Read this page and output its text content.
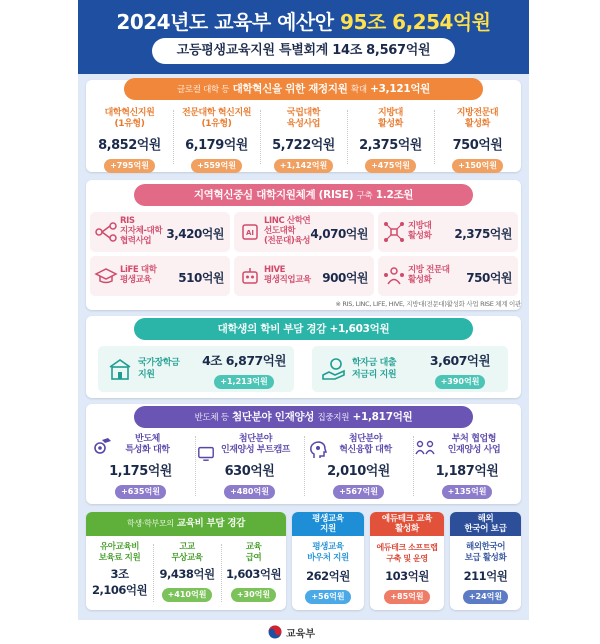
2024년도 교육부 예산안 95조 6,254억원
고등평생교육지원 특별회계 14조 8,567억원
글로컬 대학 등 대학혁신을 위한 재정지원 확대 +3,121억원
대학혁신지원
(1유형)
8,852억원
+795억원
전문대학 혁신지원
(1유형)
6,179억원
+559억원
국립대학
육성사업
5,722억원
+1,142억원
지방대
활성화
2,375억원
+475억원
지방전문대
활성화
750억원
+150억원
지역혁신중심 대학지원체계 (RISE) 구축 1.2조원
RIS
지자체-대학
협력사업	3,420억원	AI
LINC 산학연
선도대학
(전문대)육성 4,070억원
지방대
활성화 2,375억원
LiFE 대학
평생교육	510억원
HIVE
평생직업교육 900억원
지방 전문대
활성화	750억원
※ RIS, LINC, LIFE, HIVE, 지방대(전문대)활성화 사업 RISE 체계 이관
대학생의 학비 부담 경감 +1,603억원
국가장학금
지원
4조 6,877억원
+1,213억원
학자금 대출
저금리 지원
3,607억원
+390억원
반도체 등 첨단분야 인재양성 집중지원 +1,817억원
반도체
특성화 대학
1,175억원
+635억원
첨단분야
인재양성 부트캠프
630억원
+480억원
첨단분야
혁신융합 대학
2,010억원
+567억원
부처 협업형
인재양성 사업
1,187억원
+135억원
학생·학부모의 교육비 부담 경감
유아교육비
보육료 지원
3조
2,106억원
고교
무상교육
9,438억원
+410억원
교육
급여
1,603억원
+30억원
평생교육
지원
평생교육
바우처 지원
262억원
+56억원
에듀테크 교육
활성화
에듀테크 소프트랩
구축 및 운영
103억원
+85억원
해외
한국어 보급
해외한국어
보급 활성화
211억원
+24억원
교육부
